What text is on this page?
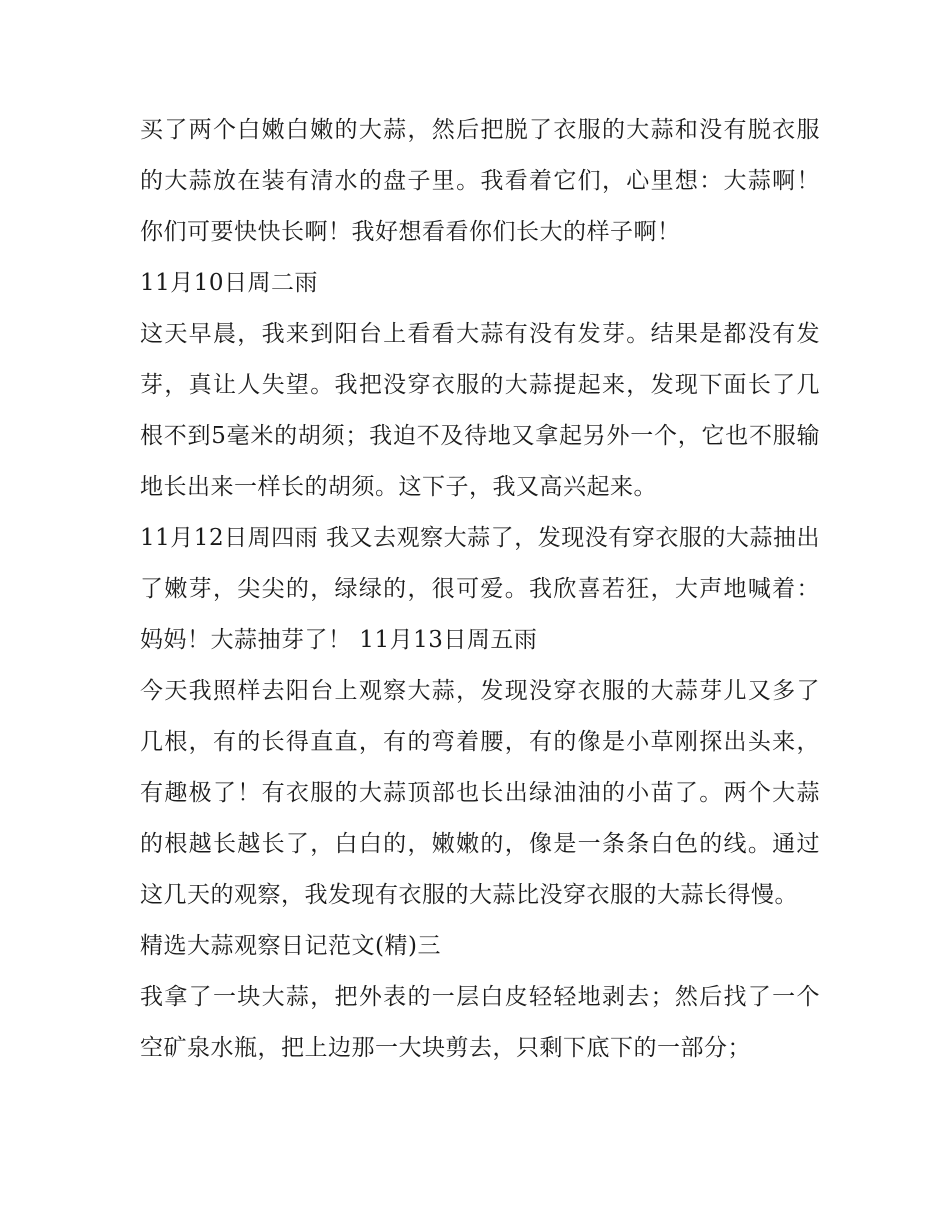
买了两个白嫩白嫩的大蒜，然后把脱了衣服的大蒜和没有脱衣服的大蒜放在装有清水的盘子里。我看着它们，心里想：大蒜啊！你们可要快快长啊！我好想看看你们长大的样子啊！

11月10日周二雨

这天早晨，我来到阳台上看看大蒜有没有发芽。结果是都没有发芽，真让人失望。我把没穿衣服的大蒜提起来，发现下面长了几根不到5毫米的胡须；我迫不及待地又拿起另外一个，它也不服输地长出来一样长的胡须。这下子，我又高兴起来。

11月12日周四雨 我又去观察大蒜了，发现没有穿衣服的大蒜抽出了嫩芽，尖尖的，绿绿的，很可爱。我欣喜若狂，大声地喊着：妈妈！大蒜抽芽了！ 11月13日周五雨

今天我照样去阳台上观察大蒜，发现没穿衣服的大蒜芽儿又多了几根，有的长得直直，有的弯着腰，有的像是小草刚探出头来，有趣极了！有衣服的大蒜顶部也长出绿油油的小苗了。两个大蒜的根越长越长了，白白的，嫩嫩的，像是一条条白色的线。通过这几天的观察，我发现有衣服的大蒜比没穿衣服的大蒜长得慢。

精选大蒜观察日记范文(精)三

我拿了一块大蒜，把外表的一层白皮轻轻地剥去；然后找了一个空矿泉水瓶，把上边那一大块剪去，只剩下底下的一部分；
